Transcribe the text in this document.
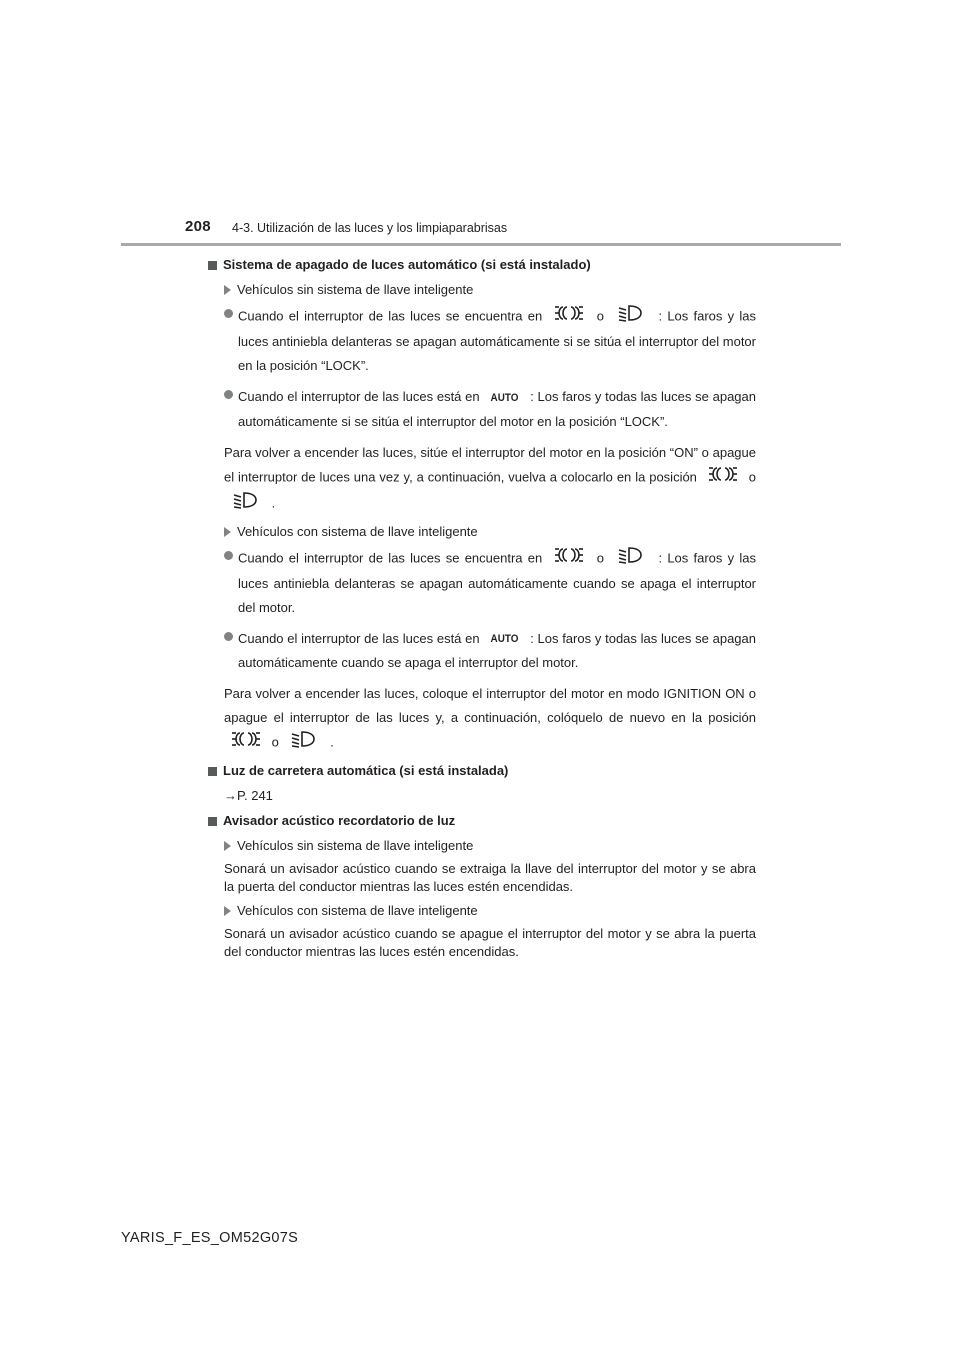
208 4-3. Utilización de las luces y los limpiaparabrisas
Sistema de apagado de luces automático (si está instalado)
Vehículos sin sistema de llave inteligente
Cuando el interruptor de las luces se encuentra en	o	: Los faros y las luces antiniebla delanteras se apagan automáticamente si se sitúa el interruptor del motor en la posición “LOCK”.
Cuando el interruptor de las luces está en AUTO : Los faros y todas las luces se apagan automáticamente si se sitúa el interruptor del motor en la posición “LOCK”.
Para volver a encender las luces, sitúe el interruptor del motor en la posición “ON” o apague el interruptor de luces una vez y, a continuación, vuelva a colocarlo en la posición	o  .
Vehículos con sistema de llave inteligente
Cuando el interruptor de las luces se encuentra en	o	: Los faros y las luces antiniebla delanteras se apagan automáticamente cuando se apaga el interruptor del motor.
Cuando el interruptor de las luces está en AUTO : Los faros y todas las luces se apagan automáticamente cuando se apaga el interruptor del motor.
Para volver a encender las luces, coloque el interruptor del motor en modo IGNITION ON o apague el interruptor de las luces y, a continuación, colóquelo de nuevo en la posición  o	.
Luz de carretera automática (si está instalada)
→P. 241
Avisador acústico recordatorio de luz
Vehículos sin sistema de llave inteligente
Sonará un avisador acústico cuando se extraiga la llave del interruptor del motor y se abra la puerta del conductor mientras las luces estén encendidas.
Vehículos con sistema de llave inteligente
Sonará un avisador acústico cuando se apague el interruptor del motor y se abra la puerta del conductor mientras las luces estén encendidas.
YARIS_F_ES_OM52G07S
